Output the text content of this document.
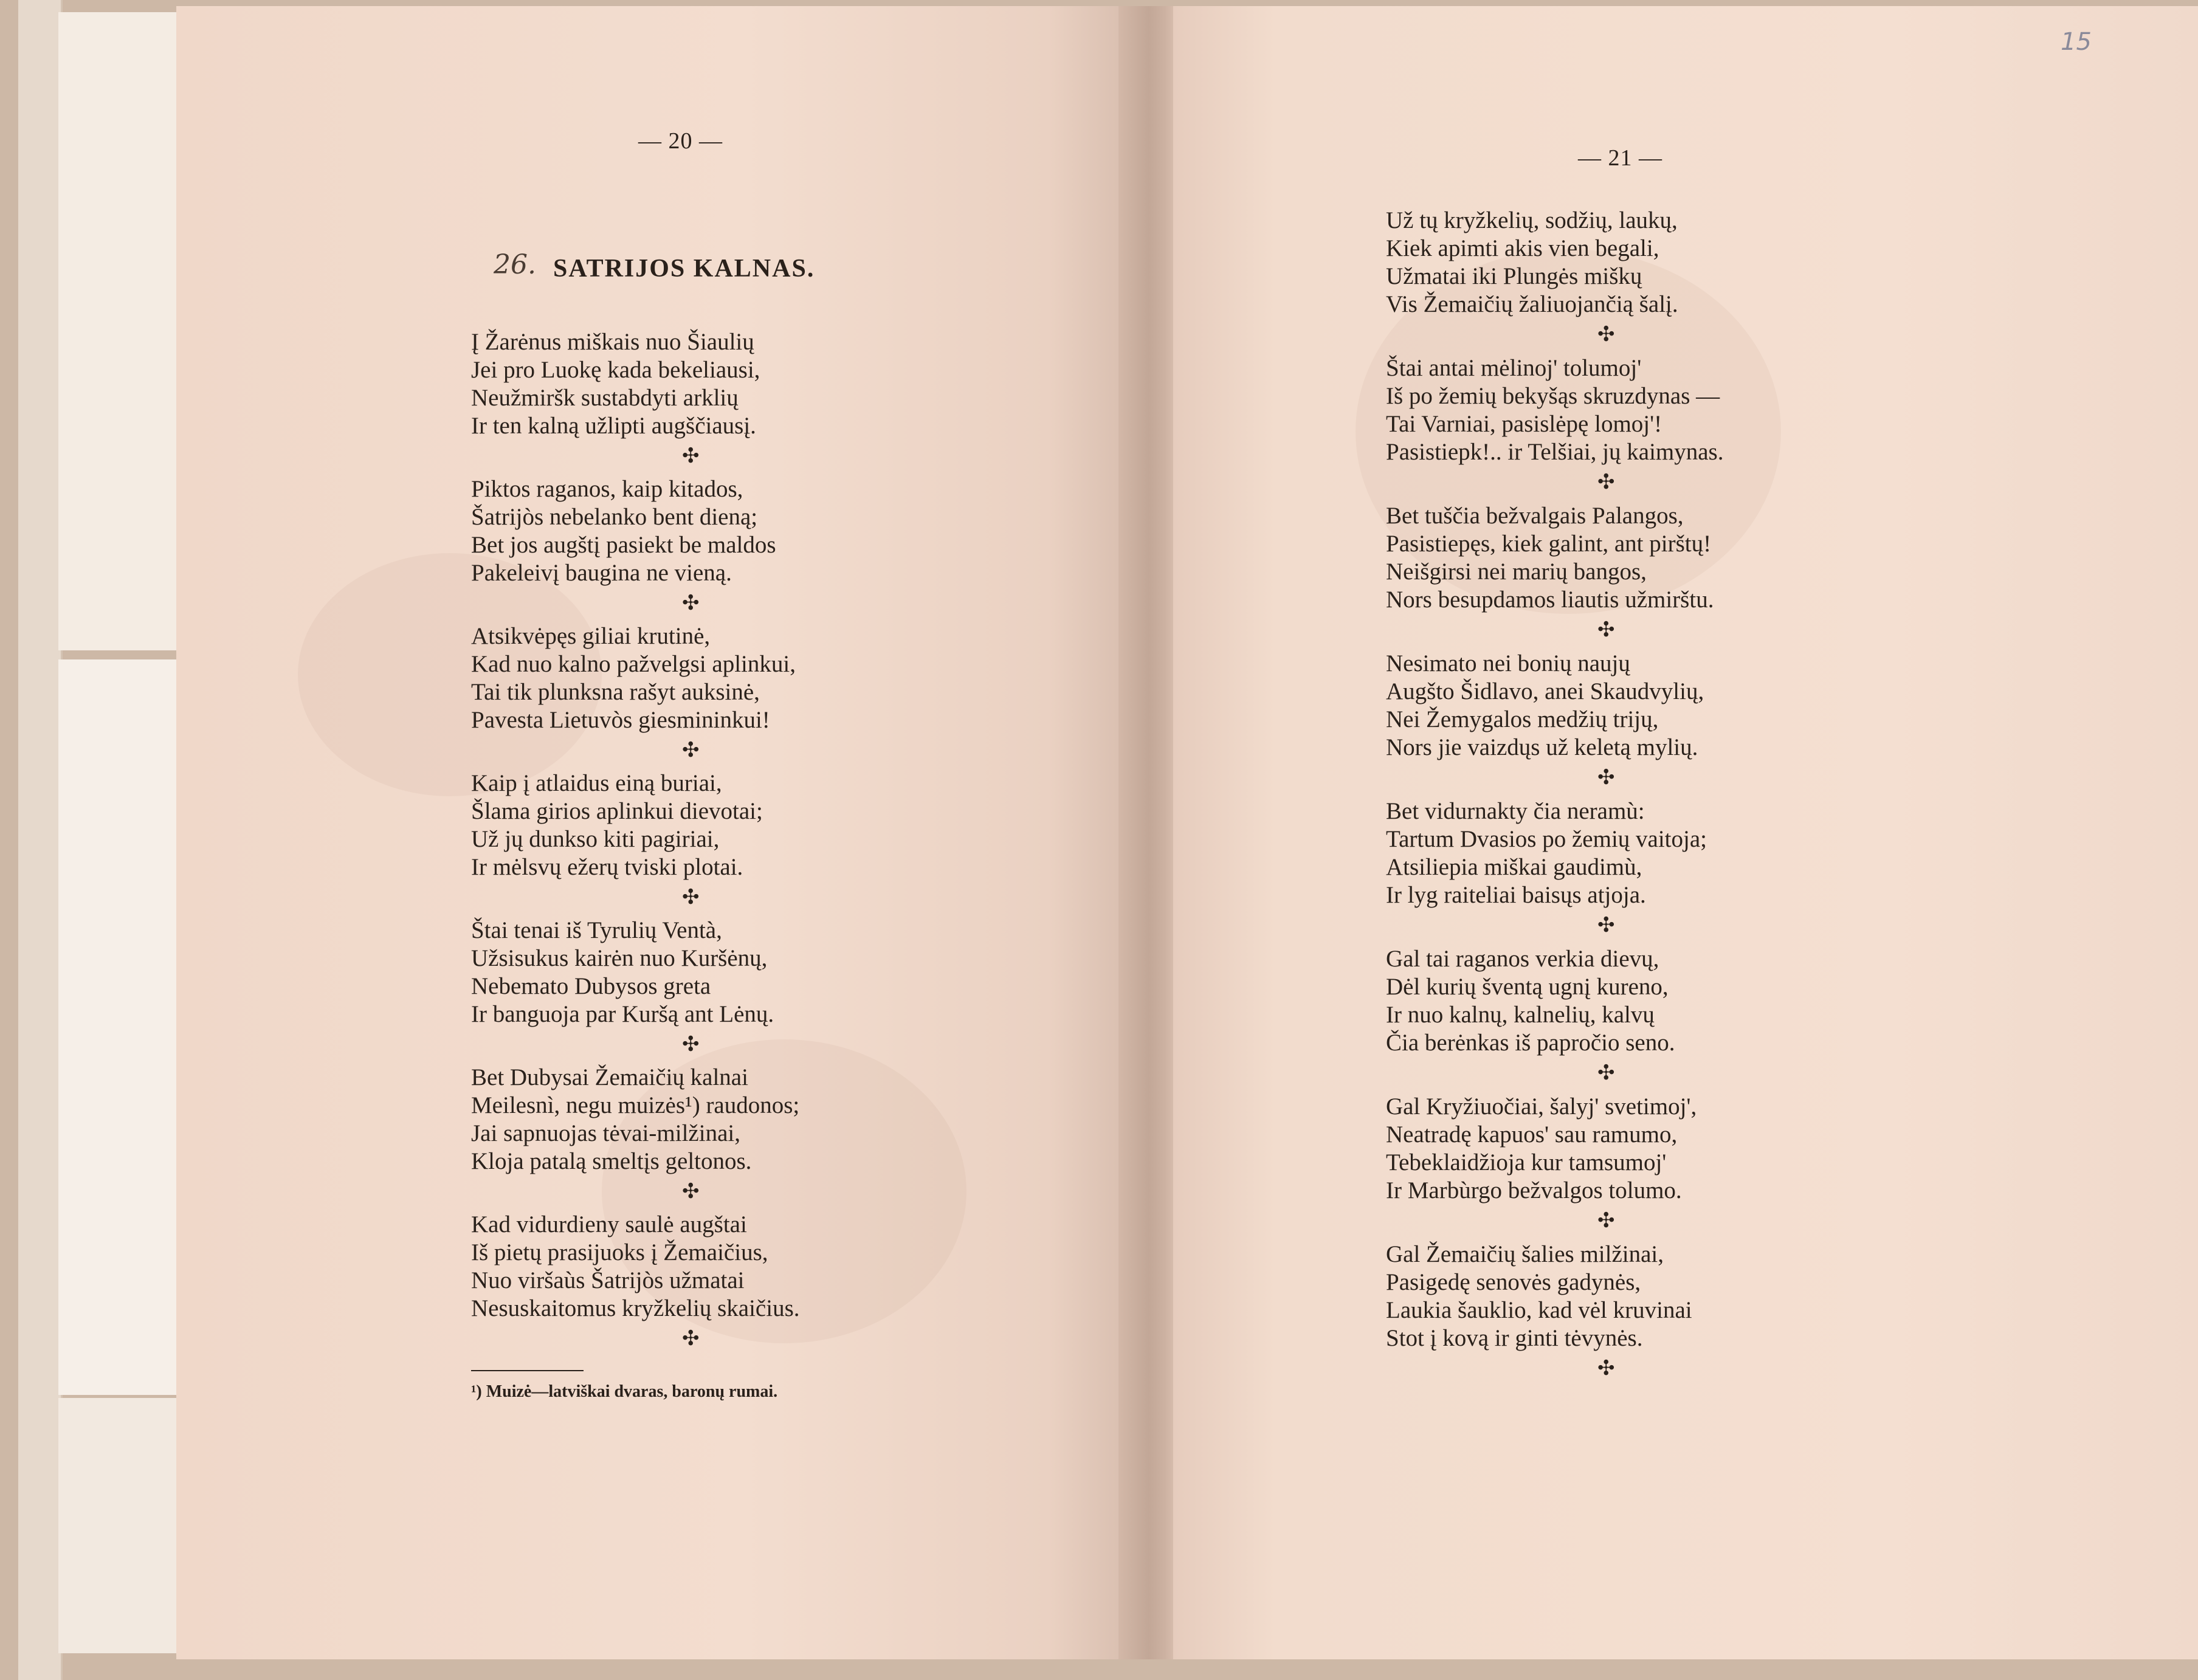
— 20 —
26. SATRIJOS KALNAS.

Į Žarėnus miškais nuo Šiaulių

Jei pro Luokę kada bekeliausi,

Neužmiršk sustabdyti arklių

Ir ten kalną užlipti augščiausį.

✣

Piktos raganos, kaip kitados,

Šatrijòs nebelanko bent dieną;

Bet jos augštį pasiekt be maldos

Pakeleivį baugina ne vieną.

✣

Atsikvėpęs giliai krutinė,

Kad nuo kalno pažvelgsi aplinkui,

Tai tik plunksna rašyt auksinė,

Pavesta Lietuvòs giesmininkui!

✣

Kaip į atlaidus einą buriai,

Šlama girios aplinkui dievotai;

Už jų dunkso kiti pagiriai,

Ir mėlsvų ežerų tviski plotai.

✣

Štai tenai iš Tyrulių Ventà,

Užsisukus kairėn nuo Kuršėnų,

Nebemato Dubysos greta

Ir banguoja par Kuršą ant Lėnų.

✣

Bet Dubysai Žemaičių kalnai

Meilesnì, negu muizės¹) raudonos;

Jai sapnuojas tėvai-milžinai,

Kloja patalą smeltįs geltonos.

✣

Kad vidurdieny saulė augštai

Iš pietų prasijuoks į Žemaičius,

Nuo viršaùs Šatrijòs užmatai

Nesuskaitomus kryžkelių skaičius.

✣
¹) Muizė—latviškai dvaras, baronų rumai.
— 21 —
15

Už tų kryžkelių, sodžių, laukų,

Kiek apimti akis vien begali,

Užmatai iki Plungės miškų

Vis Žemaičių žaliuojančią šalį.

✣

Štai antai mėlinoj' tolumoj'

Iš po žemių bekyšąs skruzdynas —

Tai Varniai, pasislėpę lomoj'!

Pasistiepk!.. ir Telšiai, jų kaimynas.

✣

Bet tuščia bežvalgais Palangos,

Pasistiepęs, kiek galint, ant pirštų!

Neišgirsi nei marių bangos,

Nors besupdamos liautis užmirštu.

✣

Nesimato nei bonių naujų

Augšto Šidlavo, anei Skaudvylių,

Nei Žemygalos medžių trijų,

Nors jie vaizdųs už keletą mylių.

✣

Bet vidurnaktу čia neramù:

Tartum Dvasios po žemių vaitoja;

Atsiliepia miškai gaudimù,

Ir lyg raiteliai baisųs atjoja.

✣

Gal tai raganos verkia dievų,

Dėl kurių šventą ugnį kureno,

Ir nuo kalnų, kalnelių, kalvų

Čia berėnkas iš papročio seno.

✣

Gal Kryžiuočiai, šalyj' svetimoj',

Neatradę kapuos' sau ramumo,

Tebeklaidžioja kur tamsumoj'

Ir Marbùrgo bežvalgos tolumo.

✣

Gal Žemaičių šalies milžinai,

Pasigedę senovės gadynės,

Laukia šauklio, kad vėl kruvinai

Stot į kovą ir ginti tėvynės.

✣
